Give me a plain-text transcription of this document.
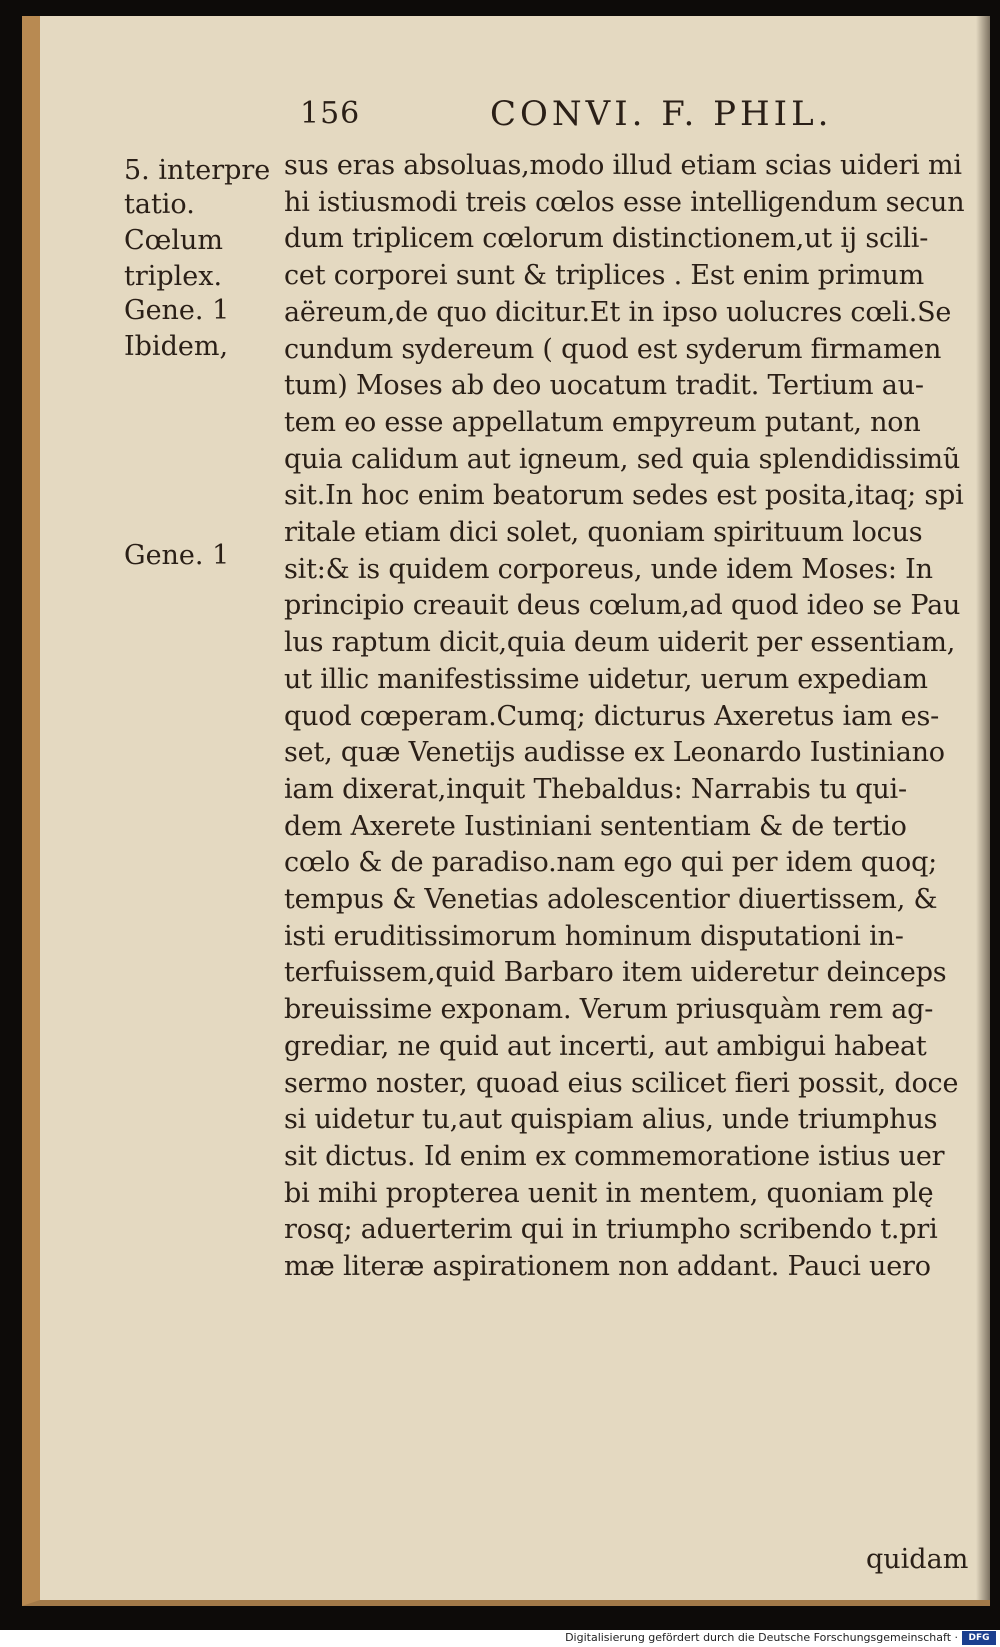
156	CONVI. F. PHIL.
5. interpre
tatio.
Cœlum
triplex.
Gene. 1
Ibidem,
Gene. 1
sus eras absoluas,modo illud etiam scias uideri mi
hi istiusmodi treis cœlos esse intelligendum secun
dum triplicem cœlorum distinctionem,ut ij scili-
cet corporei sunt & triplices . Est enim primum
aëreum,de quo dicitur.Et in ipso uolucres cœli.Se
cundum sydereum ( quod est syderum firmamen
tum) Moses ab deo uocatum tradit. Tertium au-
tem eo esse appellatum empyreum putant, non
quia calidum aut igneum, sed quia splendidissimũ
sit.In hoc enim beatorum sedes est posita,itaq; spi
ritale etiam dici solet, quoniam spirituum locus
sit:& is quidem corporeus, unde idem Moses: In
principio creauit deus cœlum,ad quod ideo se Pau
lus raptum dicit,quia deum uiderit per essentiam,
ut illic manifestissime uidetur, uerum expediam
quod cœperam.Cumq; dicturus Axeretus iam es-
set, quæ Venetijs audisse ex Leonardo Iustiniano
iam dixerat,inquit Thebaldus: Narrabis tu qui-
dem Axerete Iustiniani sententiam & de tertio
cœlo & de paradiso.nam ego qui per idem quoq;
tempus & Venetias adolescentior diuertissem, &
isti eruditissimorum hominum disputationi in-
terfuissem,quid Barbaro item uideretur deinceps
breuissime exponam. Verum priusquàm rem ag-
grediar, ne quid aut incerti, aut ambigui habeat
sermo noster, quoad eius scilicet fieri possit, doce
si uidetur tu,aut quispiam alius, unde triumphus
sit dictus. Id enim ex commemoratione istius uer
bi mihi propterea uenit in mentem, quoniam plę
rosq; aduerterim qui in triumpho scribendo t.pri
mæ literæ aspirationem non addant. Pauci uero
quidam
Digitalisierung gefördert durch die Deutsche Forschungsgemeinschaft ·	DFG
